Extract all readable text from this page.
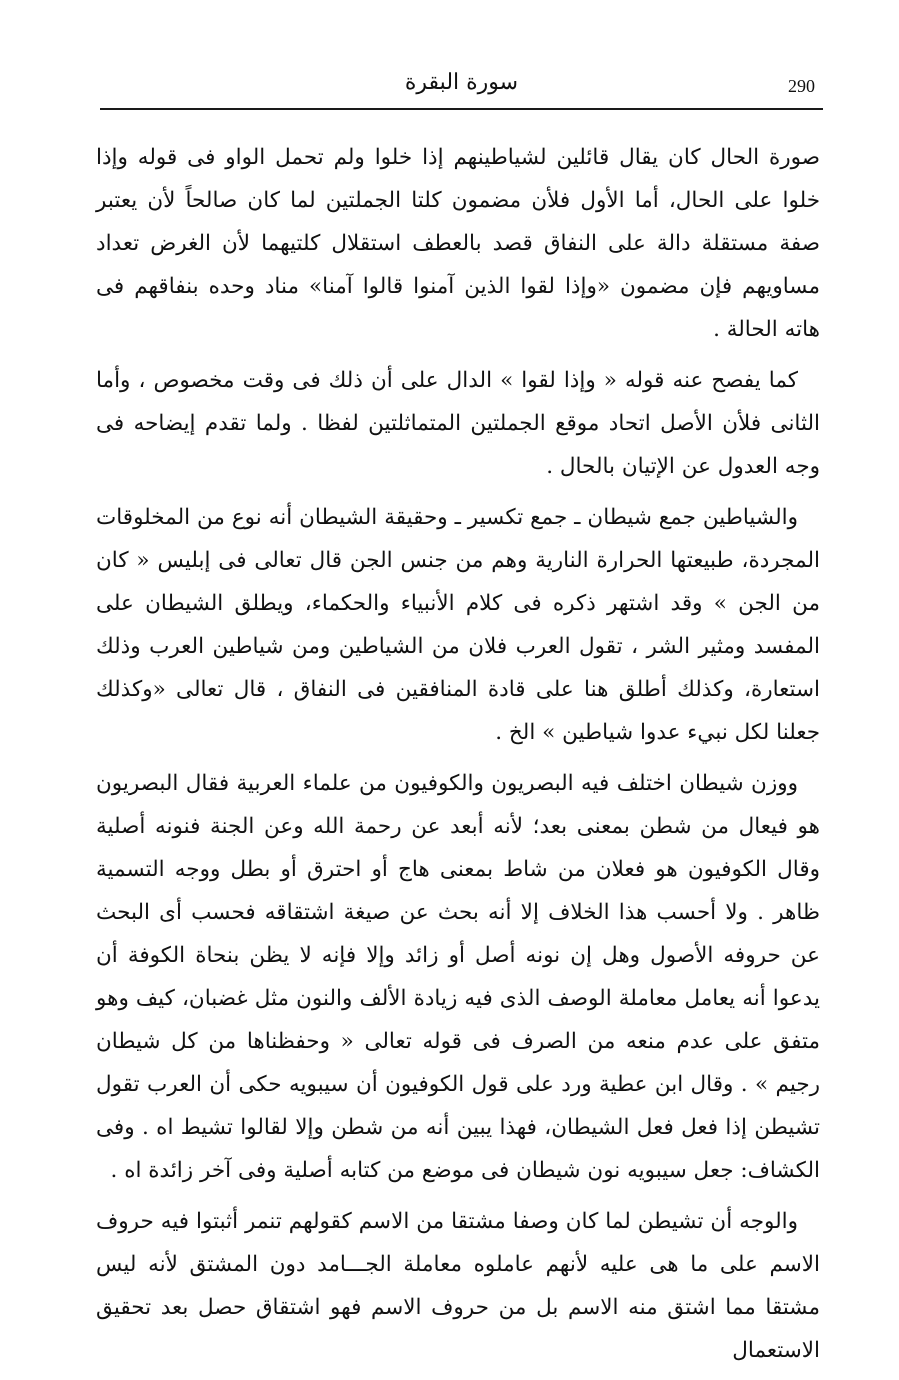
290
سورة البقرة

صورة الحال كان يقال قائلين لشياطينهم إذا خلوا ولم تحمل الواو فى قوله وإذا خلوا على الحال، أما الأول فلأن مضمون كلتا الجملتين لما كان صالحاً لأن يعتبر صفة مستقلة دالة على النفاق قصد بالعطف استقلال كلتيهما لأن الغرض تعداد مساويهم فإن مضمون «وإذا لقوا الذين آمنوا قالوا آمنا» مناد وحده بنفاقهم فى هاته الحالة .

كما يفصح عنه قوله « وإذا لقوا » الدال على أن ذلك فى وقت مخصوص ، وأما الثانى فلأن الأصل اتحاد موقع الجملتين المتماثلتين لفظا . ولما تقدم إيضاحه فى وجه العدول عن الإتيان بالحال .

والشياطين جمع شيطان ـ جمع تكسير ـ وحقيقة الشيطان أنه نوع من المخلوقات المجردة، طبيعتها الحرارة النارية وهم من جنس الجن قال تعالى فى إبليس « كان من الجن » وقد اشتهر ذكره فى كلام الأنبياء والحكماء، ويطلق الشيطان على المفسد ومثير الشر ، تقول العرب فلان من الشياطين ومن شياطين العرب وذلك استعارة، وكذلك أطلق هنا على قادة المنافقين فى النفاق ، قال تعالى «وكذلك جعلنا لكل نبيء عدوا شياطين » الخ .

ووزن شيطان اختلف فيه البصريون والكوفيون من علماء العربية فقال البصريون هو فيعال من شطن بمعنى بعد؛ لأنه أبعد عن رحمة الله وعن الجنة فنونه أصلية وقال الكوفيون هو فعلان من شاط بمعنى هاج أو احترق أو بطل ووجه التسمية ظاهر . ولا أحسب هذا الخلاف إلا أنه بحث عن صيغة اشتقاقه فحسب أى البحث عن حروفه الأصول وهل إن نونه أصل أو زائد وإلا فإنه لا يظن بنحاة الكوفة أن يدعوا أنه يعامل معاملة الوصف الذى فيه زيادة الألف والنون مثل غضبان، كيف وهو متفق على عدم منعه من الصرف فى قوله تعالى « وحفظناها من كل شيطان رجيم » . وقال ابن عطية ورد على قول الكوفيون أن سيبويه حكى أن العرب تقول تشيطن إذا فعل فعل الشيطان، فهذا يبين أنه من شطن وإلا لقالوا تشيط اه . وفى الكشاف: جعل سيبويه نون شيطان فى موضع من كتابه أصلية وفى آخر زائدة اه .

والوجه أن تشيطن لما كان وصفا مشتقا من الاسم كقولهم تنمر أثبتوا فيه حروف الاسم على ما هى عليه لأنهم عاملوه معاملة الجـــامد دون المشتق لأنه ليس مشتقا مما اشتق منه الاسم بل من حروف الاسم فهو اشتقاق حصل بعد تحقيق الاستعمال
